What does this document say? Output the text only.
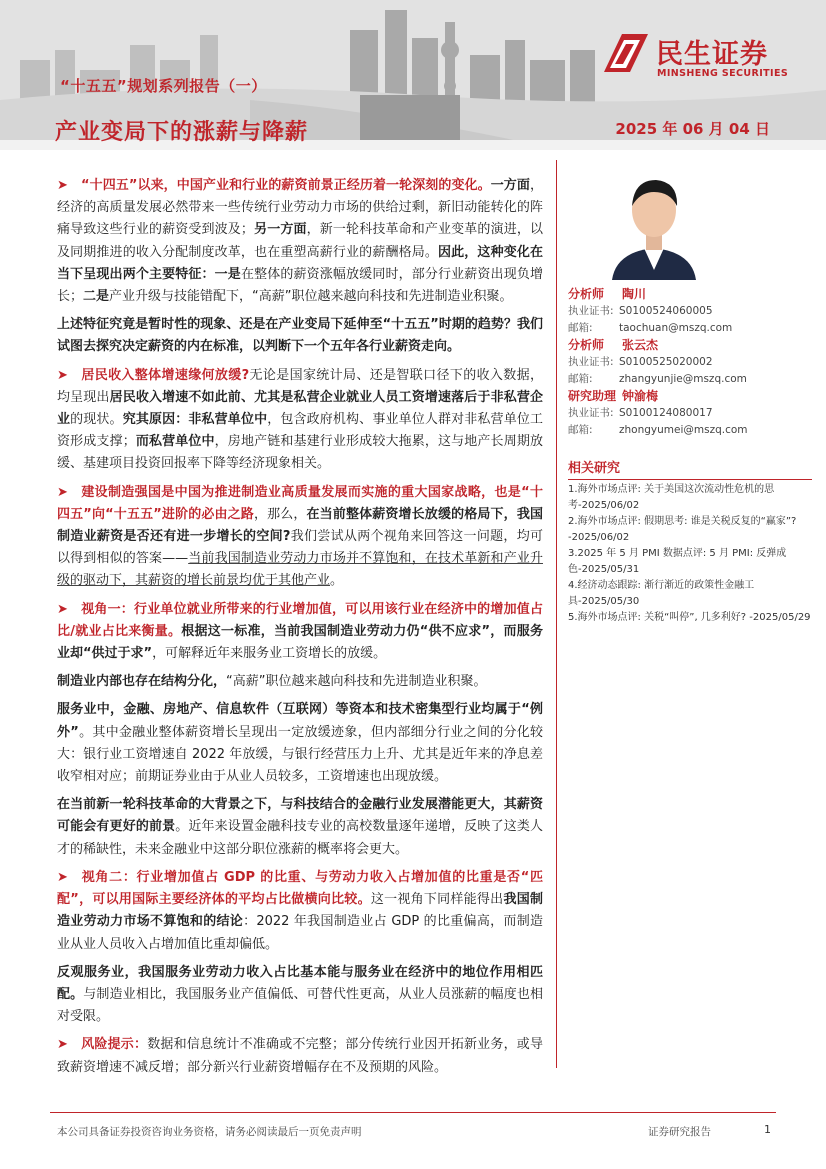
“十五五”规划系列报告（一）
产业变局下的涨薪与降薪	2025 年 06 月 04 日
民生证券
MINSHENG SECURITIES
➤ “十四五”以来，中国产业和行业的薪资前景正经历着一轮深刻的变化。一方面，经济的高质量发展必然带来一些传统行业劳动力市场的供给过剩，新旧动能转化的阵痛导致这些行业的薪资受到波及；另一方面，新一轮科技革命和产业变革的演进，以及同期推进的收入分配制度改革，也在重塑高薪行业的薪酬格局。因此，这种变化在当下呈现出两个主要特征：一是在整体的薪资涨幅放缓同时，部分行业薪资出现负增长；二是产业升级与技能错配下，“高薪”职位越来越向科技和先进制造业积聚。
上述特征究竟是暂时性的现象、还是在产业变局下延伸至“十五五”时期的趋势？我们试图去探究决定薪资的内在标准，以判断下一个五年各行业薪资走向。
➤ 居民收入整体增速缘何放缓?无论是国家统计局、还是智联口径下的收入数据，均呈现出居民收入增速不如此前、尤其是私营企业就业人员工资增速落后于非私营企业的现状。究其原因：非私营单位中，包含政府机构、事业单位人群对非私营单位工资形成支撑；而私营单位中，房地产链和基建行业形成较大拖累，这与地产长周期放缓、基建项目投资回报率下降等经济现象相关。
➤ 建设制造强国是中国为推进制造业高质量发展而实施的重大国家战略，也是“十四五”向“十五五”进阶的必由之路，那么，在当前整体薪资增长放缓的格局下，我国制造业薪资是否还有进一步增长的空间?我们尝试从两个视角来回答这一问题，均可以得到相似的答案——当前我国制造业劳动力市场并不算饱和，在技术革新和产业升级的驱动下，其薪资的增长前景均优于其他产业。
➤ 视角一：行业单位就业所带来的行业增加值，可以用该行业在经济中的增加值占比/就业占比来衡量。根据这一标准，当前我国制造业劳动力仍“供不应求”，而服务业却“供过于求”，可解释近年来服务业工资增长的放缓。
制造业内部也存在结构分化，“高薪”职位越来越向科技和先进制造业积聚。
服务业中，金融、房地产、信息软件（互联网）等资本和技术密集型行业均属于“例外”。其中金融业整体薪资增长呈现出一定放缓迹象，但内部细分行业之间的分化较大：银行业工资增速自 2022 年放缓，与银行经营压力上升、尤其是近年来的净息差收窄相对应；前期证券业由于从业人员较多，工资增速也出现放缓。
在当前新一轮科技革命的大背景之下，与科技结合的金融行业发展潜能更大，其薪资可能会有更好的前景。近年来设置金融科技专业的高校数量逐年递增，反映了这类人才的稀缺性，未来金融业中这部分职位涨薪的概率将会更大。
➤ 视角二：行业增加值占 GDP 的比重、与劳动力收入占增加值的比重是否“匹配”，可以用国际主要经济体的平均占比做横向比较。这一视角下同样能得出我国制造业劳动力市场不算饱和的结论：2022 年我国制造业占 GDP 的比重偏高，而制造业从业人员收入占增加值比重却偏低。
反观服务业，我国服务业劳动力收入占比基本能与服务业在经济中的地位作用相匹配。与制造业相比，我国服务业产值偏低、可替代性更高，从业人员涨薪的幅度也相对受限。
➤ 风险提示：数据和信息统计不准确或不完整；部分传统行业因开拓新业务，或导致薪资增速不减反增；部分新兴行业薪资增幅存在不及预期的风险。
分析师	陶川
执业证书: S0100524060005
邮箱:	taochuan@mszq.com
分析师	张云杰
执业证书: S0100525020002
邮箱:	zhangyunjie@mszq.com
研究助理 钟渝梅
执业证书: S0100124080017
邮箱:	zhongyumei@mszq.com
相关研究
1.海外市场点评: 关于美国这次流动性危机的思考-2025/06/02
2.海外市场点评: 假期思考: 谁是关税反复的“赢家”? -2025/06/02
3.2025 年 5 月 PMI 数据点评: 5 月 PMI: 反弹成色-2025/05/31
4.经济动态跟踪: 渐行渐近的政策性金融工具-2025/05/30
5.海外市场点评: 关税“叫停”, 几多利好? -2025/05/29
本公司具备证券投资咨询业务资格，请务必阅读最后一页免责声明	证券研究报告	1
